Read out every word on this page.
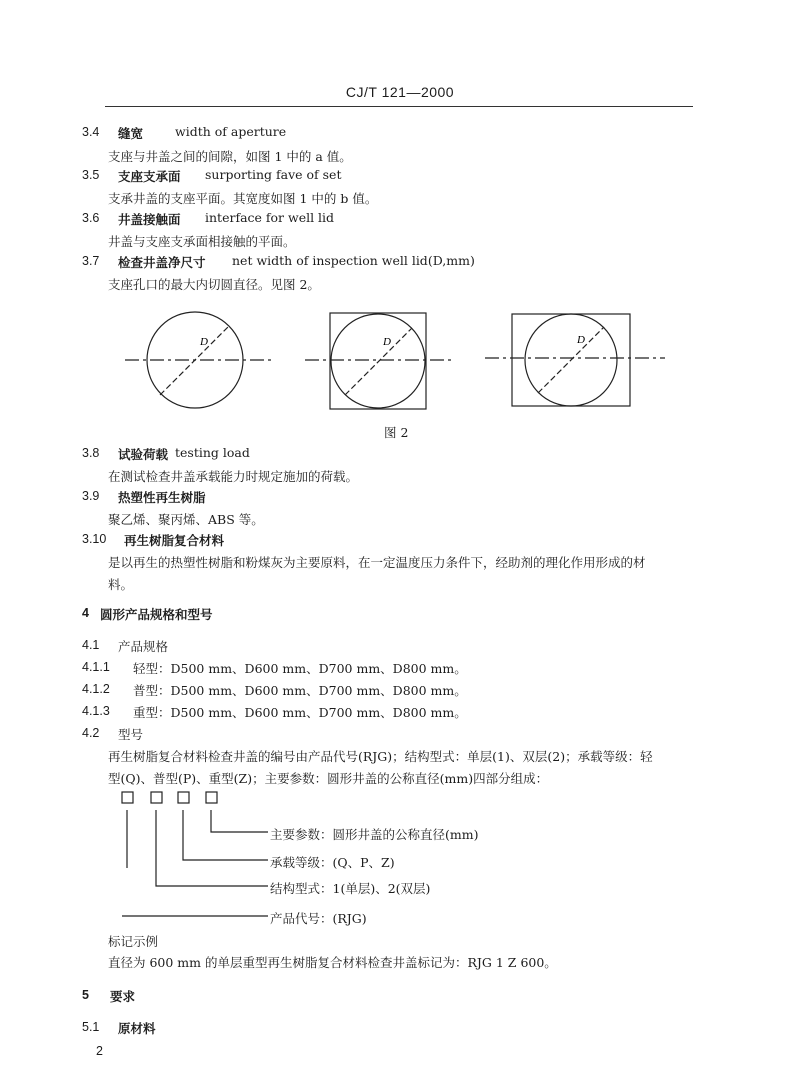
CJ/T 121—2000
3.4 缝宽	width of aperture
支座与井盖之间的间隙，如图 1 中的 a 值。
3.5 支座支承面 surporting fave of set
支承井盖的支座平面。其宽度如图 1 中的 b 值。
3.6 井盖接触面 interface for well lid
井盖与支座支承面相接触的平面。
3.7 检查井盖净尺寸 net width of inspection well lid(D,mm)
支座孔口的最大内切圆直径。见图 2。
D	D	D
图 2
3.8 试验荷载 testing load
在测试检查井盖承载能力时规定施加的荷载。
3.9 热塑性再生树脂
聚乙烯、聚丙烯、ABS 等。
3.10 再生树脂复合材料
是以再生的热塑性树脂和粉煤灰为主要原料，在一定温度压力条件下，经助剂的理化作用形成的材
料。
4 圆形产品规格和型号
4.1 产品规格
4.1.1 轻型：D500 mm、D600 mm、D700 mm、D800 mm。
4.1.2 普型：D500 mm、D600 mm、D700 mm、D800 mm。
4.1.3 重型：D500 mm、D600 mm、D700 mm、D800 mm。
4.2 型号
再生树脂复合材料检查井盖的编号由产品代号(RJG)；结构型式：单层(1)、双层(2)；承载等级：轻
型(Q)、普型(P)、重型(Z)；主要参数：圆形井盖的公称直径(mm)四部分组成：
主要参数：圆形井盖的公称直径(mm)
承载等级：(Q、P、Z)
结构型式：1(单层)、2(双层)
产品代号：(RJG)
标记示例
直径为 600 mm 的单层重型再生树脂复合材料检查井盖标记为：RJG 1 Z 600。
5 要求
5.1 原材料
2
